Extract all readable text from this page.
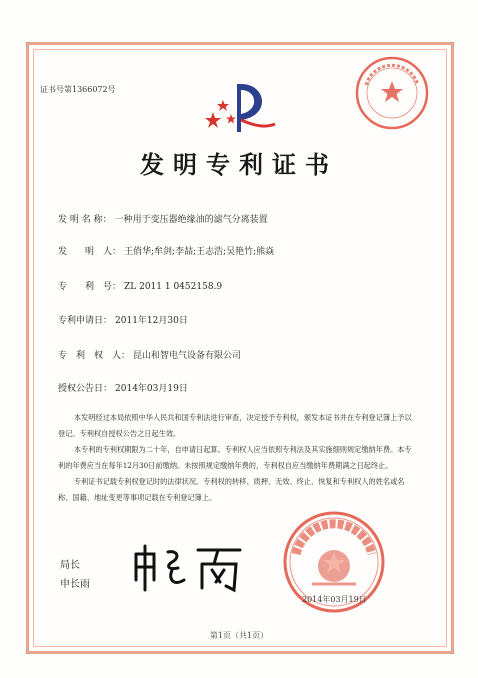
证书号第1366072号
发明专利证书
发 明 名 称： 一种用于变压器绝缘油的滤气分离装置
发　　明　人： 王俏华;牟剑;李喆;王志浩;吴艳竹;熊焱
专　　利　号： ZL 2011 1 0452158.9
专利申请日： 2011年12月30日
专　利　权　人： 昆山和智电气设备有限公司
授权公告日： 2014年03月19日

本发明经过本局依照中华人民共和国专利法进行审查，决定授予专利权，颁发本证书并在专利登记簿上予以登记。专利权自授权公告之日起生效。

本专利的专利权期限为二十年，自申请日起算。专利权人应当依照专利法及其实施细则规定缴纳年费。本专利的年费应当在每年12月30日前缴纳。未按照规定缴纳年费的，专利权自应当缴纳年费期满之日起终止。

专利证书记载专利权登记时的法律状况。专利权的转移、质押、无效、终止、恢复和专利权人的姓名或名称、国籍、地址变更等事项记载在专利登记簿上。

局长
申长雨
2014年03月19日
第1页（共1页）
